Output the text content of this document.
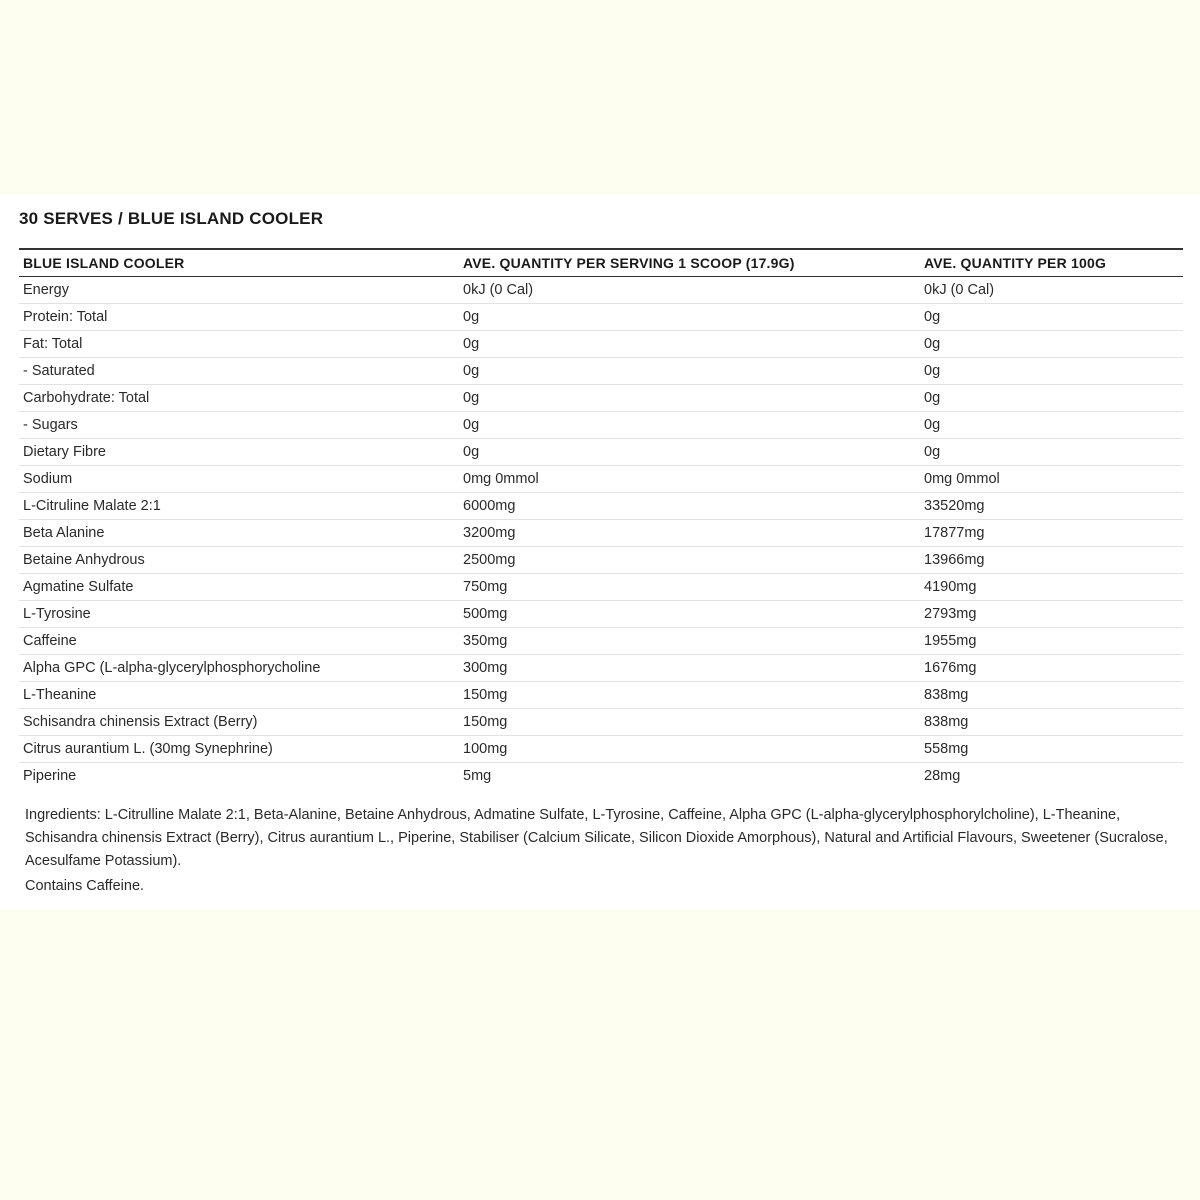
30 SERVES / BLUE ISLAND COOLER
BLUE ISLAND COOLER	AVE. QUANTITY PER SERVING 1 SCOOP (17.9G)	AVE. QUANTITY PER 100G
Energy	0kJ (0 Cal)	0kJ (0 Cal)
Protein: Total	0g	0g
Fat: Total	0g	0g
- Saturated	0g	0g
Carbohydrate: Total	0g	0g
- Sugars	0g	0g
Dietary Fibre	0g	0g
Sodium	0mg 0mmol	0mg 0mmol
L-Citruline Malate 2:1	6000mg	33520mg
Beta Alanine	3200mg	17877mg
Betaine Anhydrous	2500mg	13966mg
Agmatine Sulfate	750mg	4190mg
L-Tyrosine	500mg	2793mg
Caffeine	350mg	1955mg
Alpha GPC (L-alpha-glycerylphosphorycholine	300mg	1676mg
L-Theanine	150mg	838mg
Schisandra chinensis Extract (Berry)	150mg	838mg
Citrus aurantium L. (30mg Synephrine)	100mg	558mg
Piperine	5mg	28mg

Ingredients: L-Citrulline Malate 2:1, Beta-Alanine, Betaine Anhydrous, Admatine Sulfate, L-Tyrosine, Caffeine, Alpha GPC (L-alpha-glycerylphosphorylcholine), L-Theanine, Schisandra chinensis Extract (Berry), Citrus aurantium L., Piperine, Stabiliser (Calcium Silicate, Silicon Dioxide Amorphous), Natural and Artificial Flavours, Sweetener (Sucralose, Acesulfame Potassium).

Contains Caffeine.
